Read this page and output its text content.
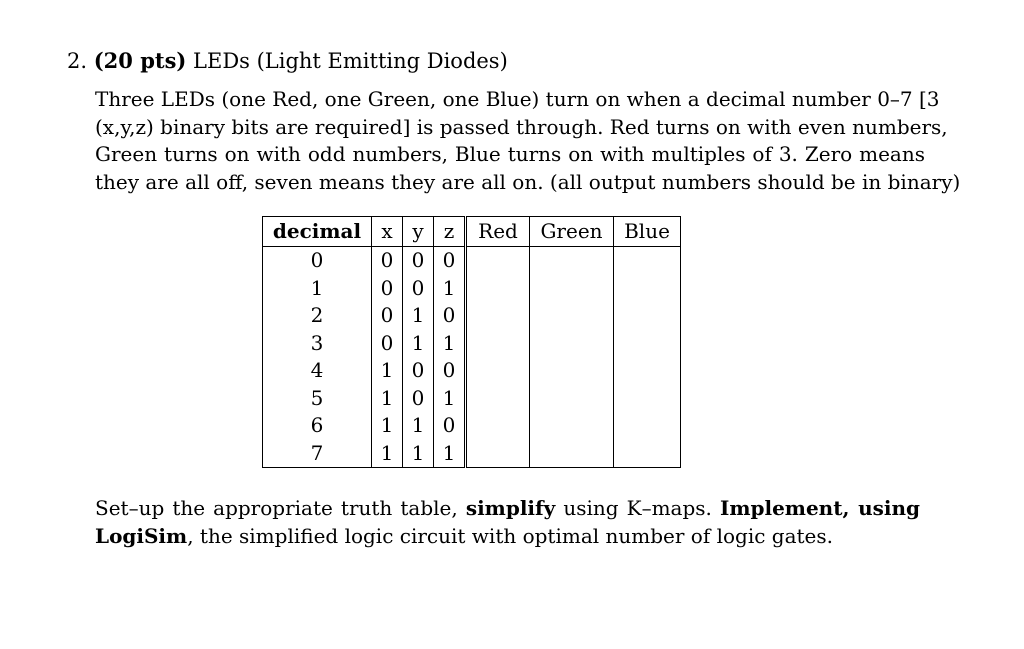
2. (20 pts) LEDs (Light Emitting Diodes)
Three LEDs (one Red, one Green, one Blue) turn on when a decimal number 0–7 [3
(x,y,z) binary bits are required] is passed through. Red turns on with even numbers,
Green turns on with odd numbers, Blue turns on with multiples of 3. Zero means
they are all off, seven means they are all on. (all output numbers should be in binary)
decimal	x	y	z	Red	Green	Blue
0	0	0	0			
1	0	0	1			
2	0	1	0			
3	0	1	1			
4	1	0	0			
5	1	0	1			
6	1	1	0			
7	1	1	1			
Set–up the appropriate truth table, simplify using K–maps. Implement, using
LogiSim, the simplified logic circuit with optimal number of logic gates.
